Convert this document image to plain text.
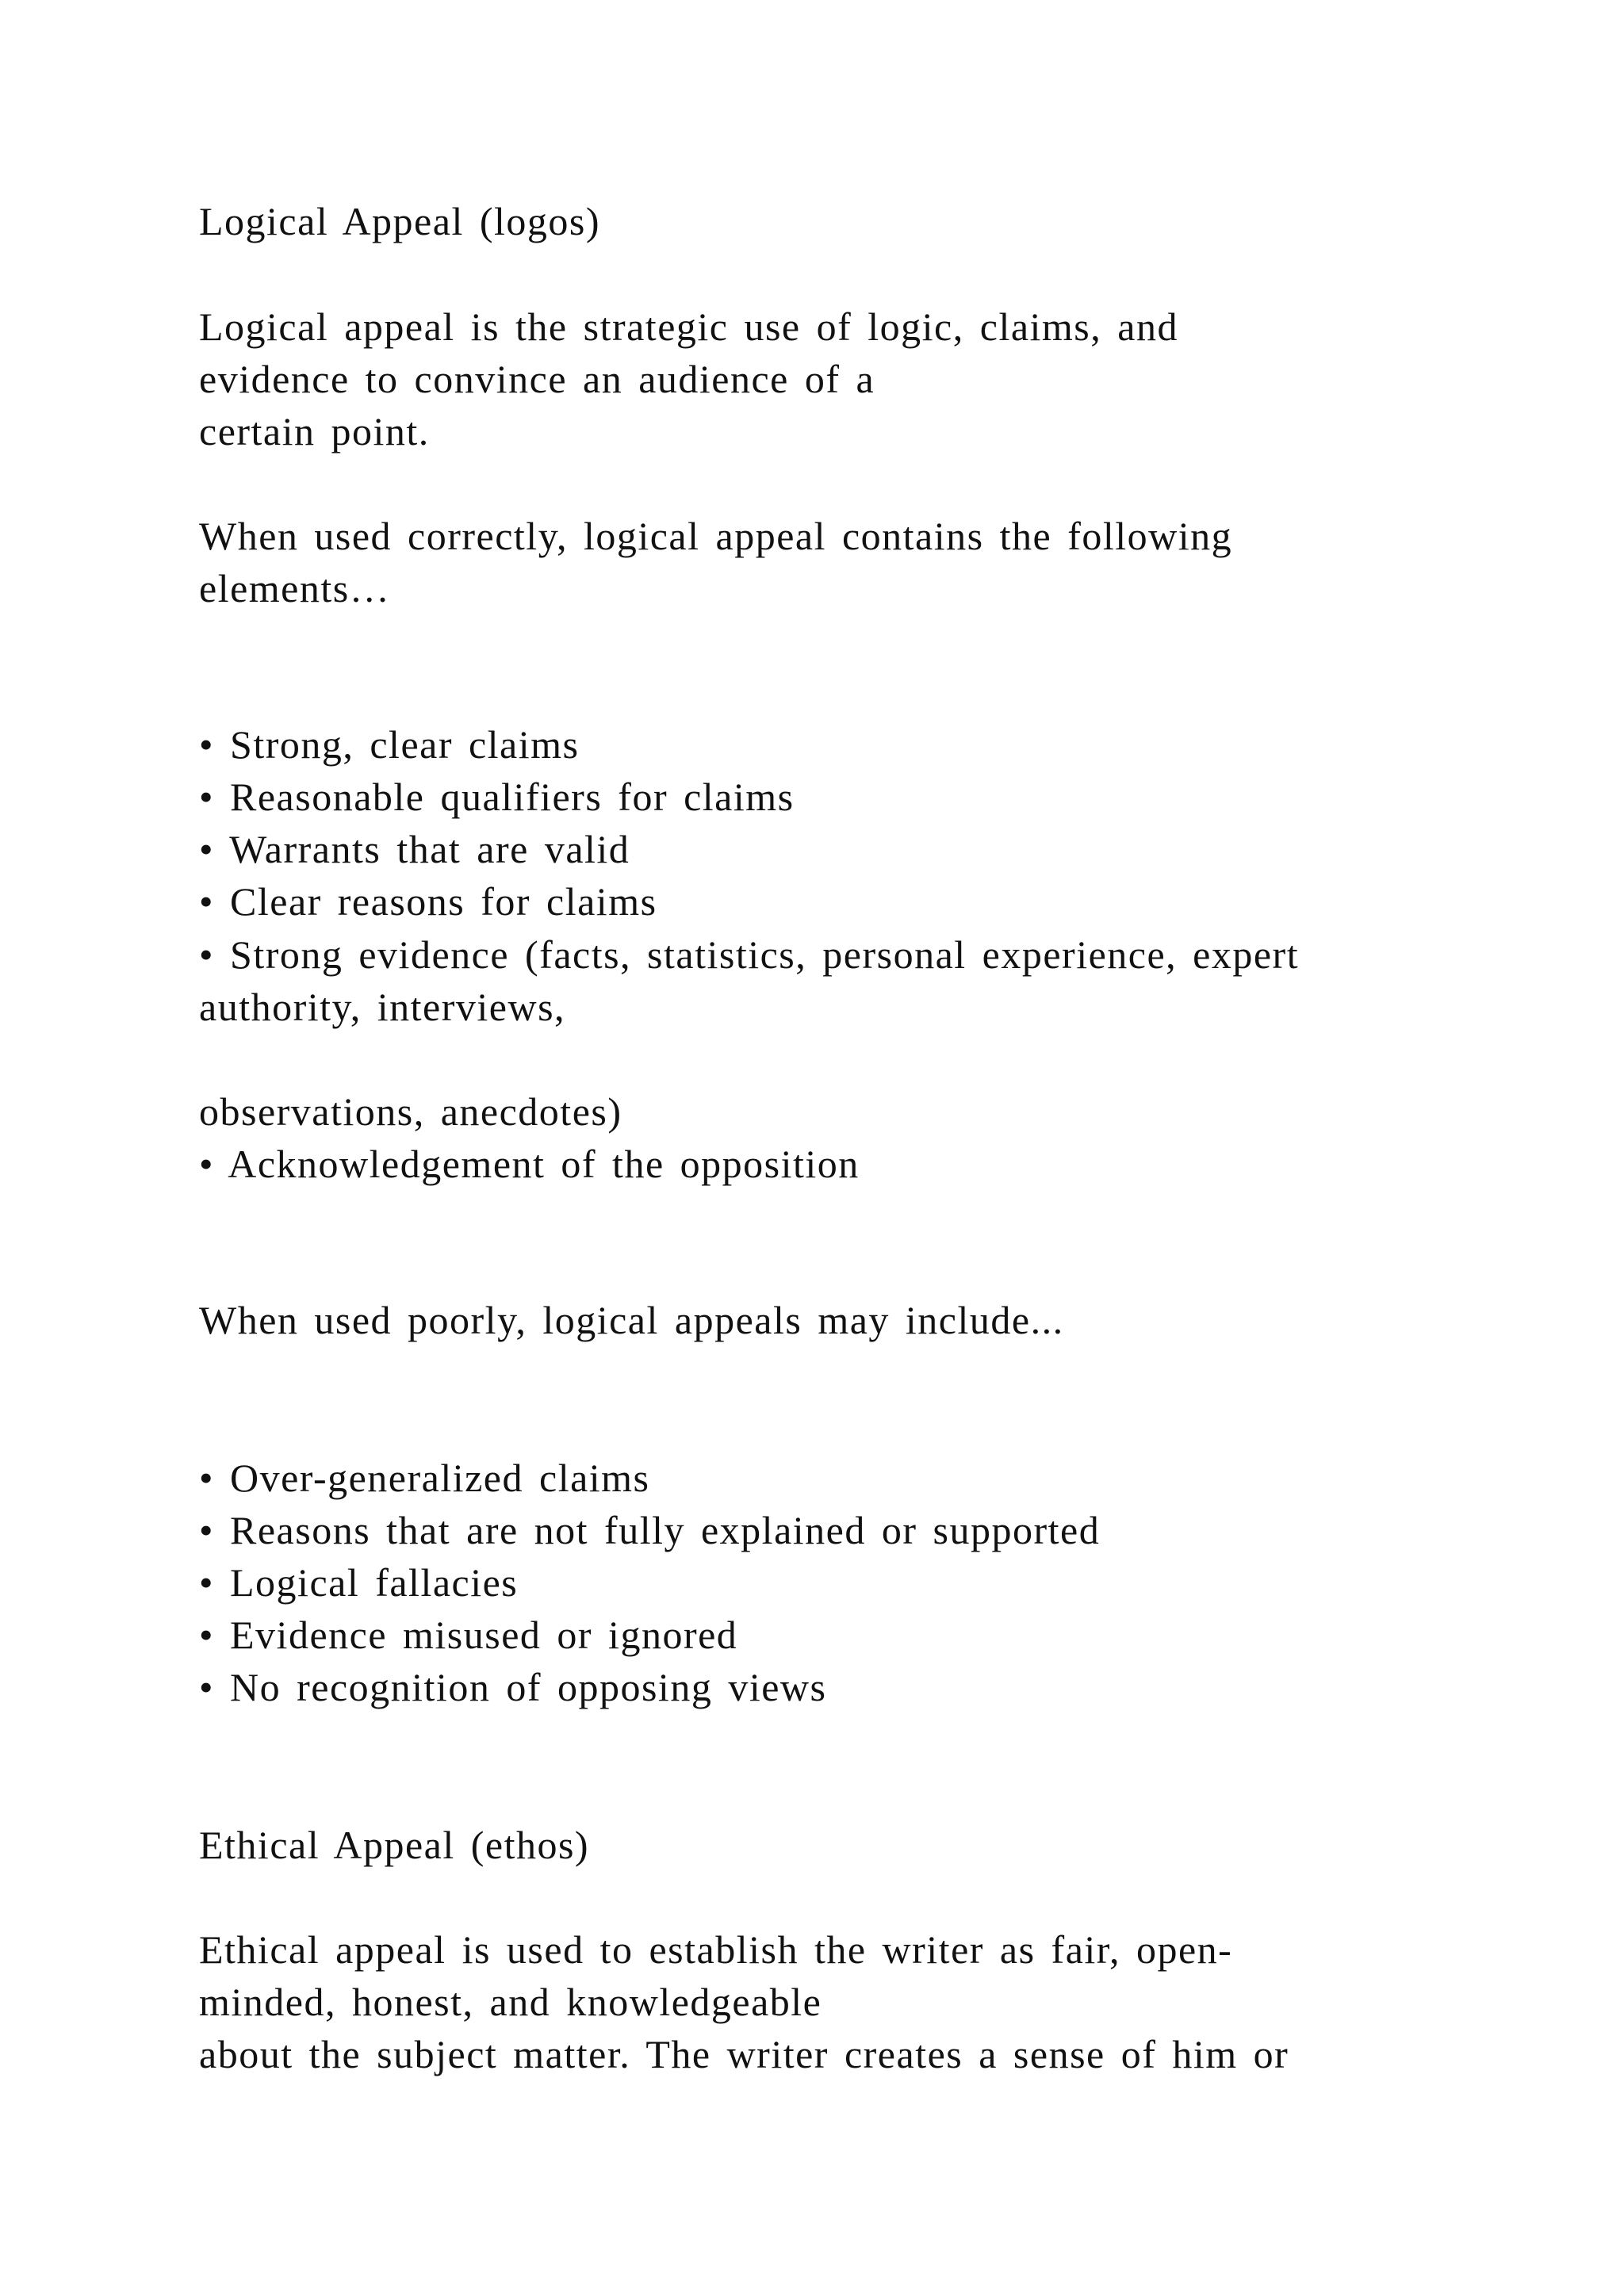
Logical Appeal (logos)

Logical appeal is the strategic use of logic, claims, and

evidence to convince an audience of a

certain point.

When used correctly, logical appeal contains the following

elements…

• Strong, clear claims

• Reasonable qualifiers for claims

• Warrants that are valid

• Clear reasons for claims

• Strong evidence (facts, statistics, personal experience, expert

authority, interviews,

observations, anecdotes)

• Acknowledgement of the opposition

When used poorly, logical appeals may include...

• Over-generalized claims

• Reasons that are not fully explained or supported

• Logical fallacies

• Evidence misused or ignored

• No recognition of opposing views

Ethical Appeal (ethos)

Ethical appeal is used to establish the writer as fair, open-

minded, honest, and knowledgeable

about the subject matter. The writer creates a sense of him or
